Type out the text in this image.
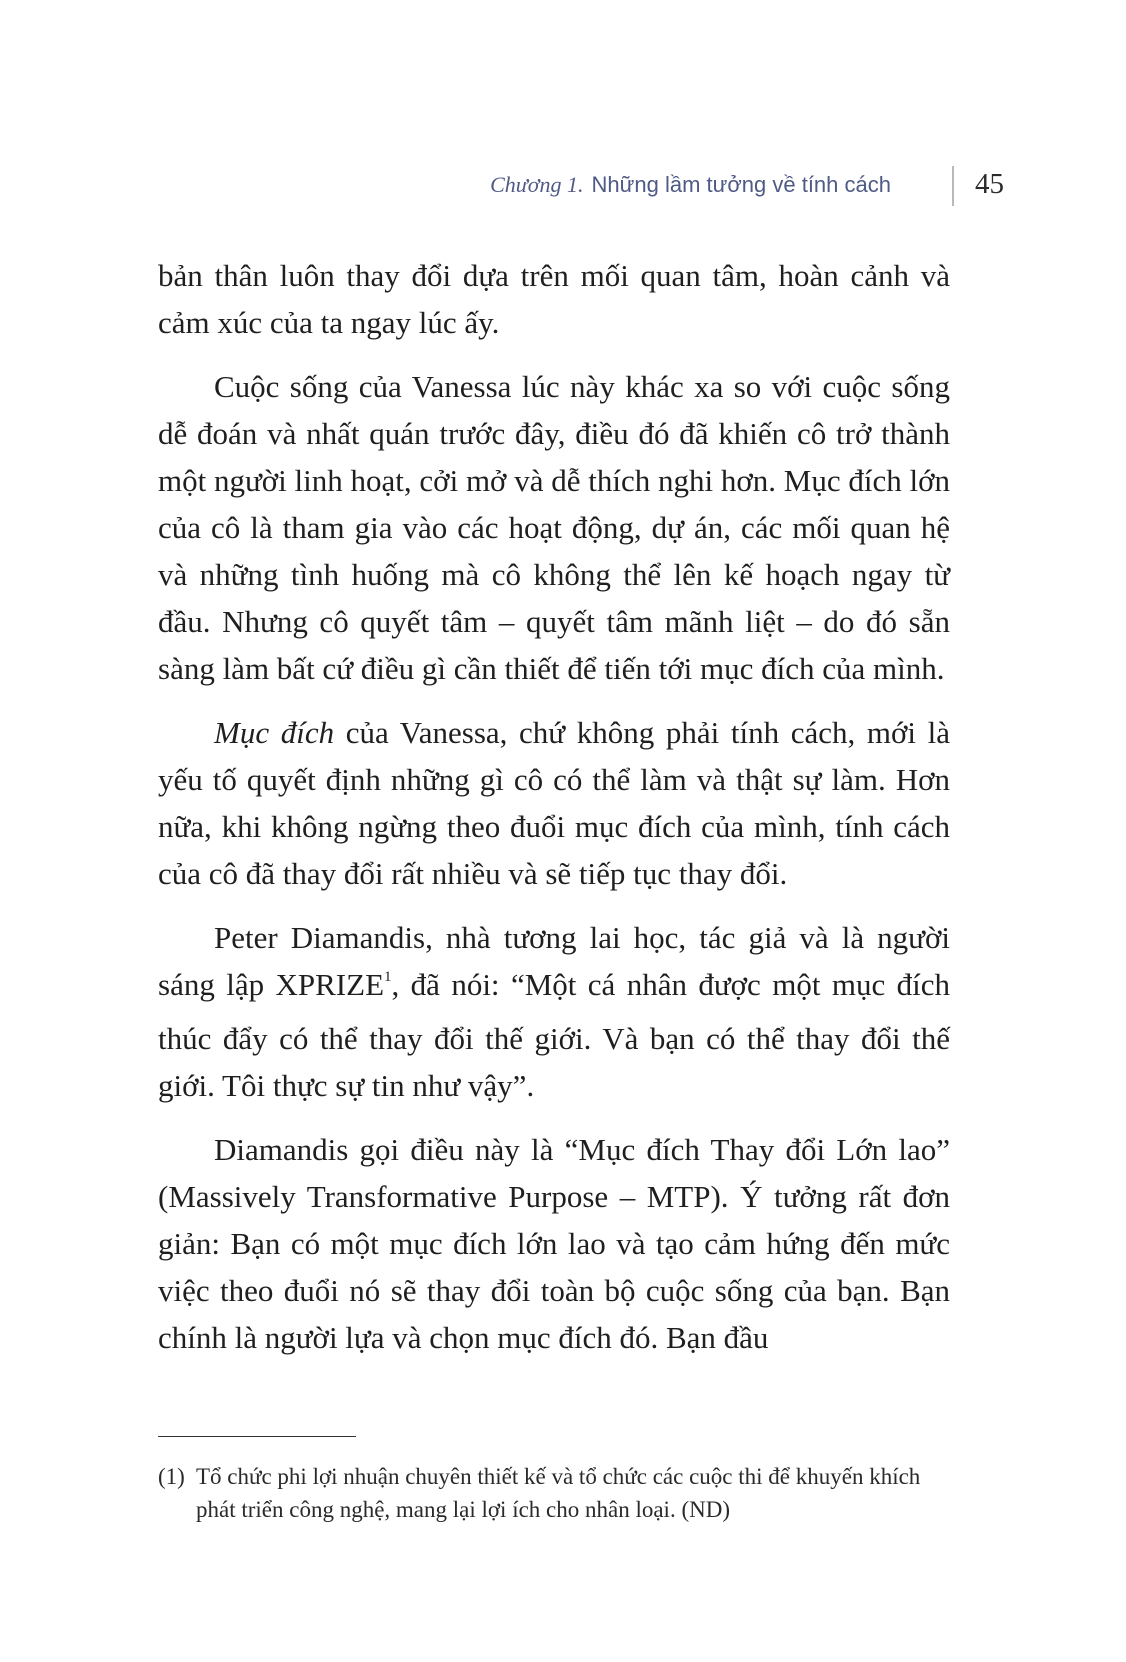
Chương 1. Những lầm tưởng về tính cách	45

bản thân luôn thay đổi dựa trên mối quan tâm, hoàn cảnh và cảm xúc của ta ngay lúc ấy.

Cuộc sống của Vanessa lúc này khác xa so với cuộc sống dễ đoán và nhất quán trước đây, điều đó đã khiến cô trở thành một người linh hoạt, cởi mở và dễ thích nghi hơn. Mục đích lớn của cô là tham gia vào các hoạt động, dự án, các mối quan hệ và những tình huống mà cô không thể lên kế hoạch ngay từ đầu. Nhưng cô quyết tâm – quyết tâm mãnh liệt – do đó sẵn sàng làm bất cứ điều gì cần thiết để tiến tới mục đích của mình.

Mục đích của Vanessa, chứ không phải tính cách, mới là yếu tố quyết định những gì cô có thể làm và thật sự làm. Hơn nữa, khi không ngừng theo đuổi mục đích của mình, tính cách của cô đã thay đổi rất nhiều và sẽ tiếp tục thay đổi.

Peter Diamandis, nhà tương lai học, tác giả và là người sáng lập XPRIZE$^1$, đã nói: “Một cá nhân được một mục đích thúc đẩy có thể thay đổi thế giới. Và bạn có thể thay đổi thế giới. Tôi thực sự tin như vậy”.

Diamandis gọi điều này là “Mục đích Thay đổi Lớn lao” (Massively Transformative Purpose – MTP). Ý tưởng rất đơn giản: Bạn có một mục đích lớn lao và tạo cảm hứng đến mức việc theo đuổi nó sẽ thay đổi toàn bộ cuộc sống của bạn. Bạn chính là người lựa và chọn mục đích đó. Bạn đầu

(1) Tổ chức phi lợi nhuận chuyên thiết kế và tổ chức các cuộc thi để khuyến khích phát triển công nghệ, mang lại lợi ích cho nhân loại. (ND)
